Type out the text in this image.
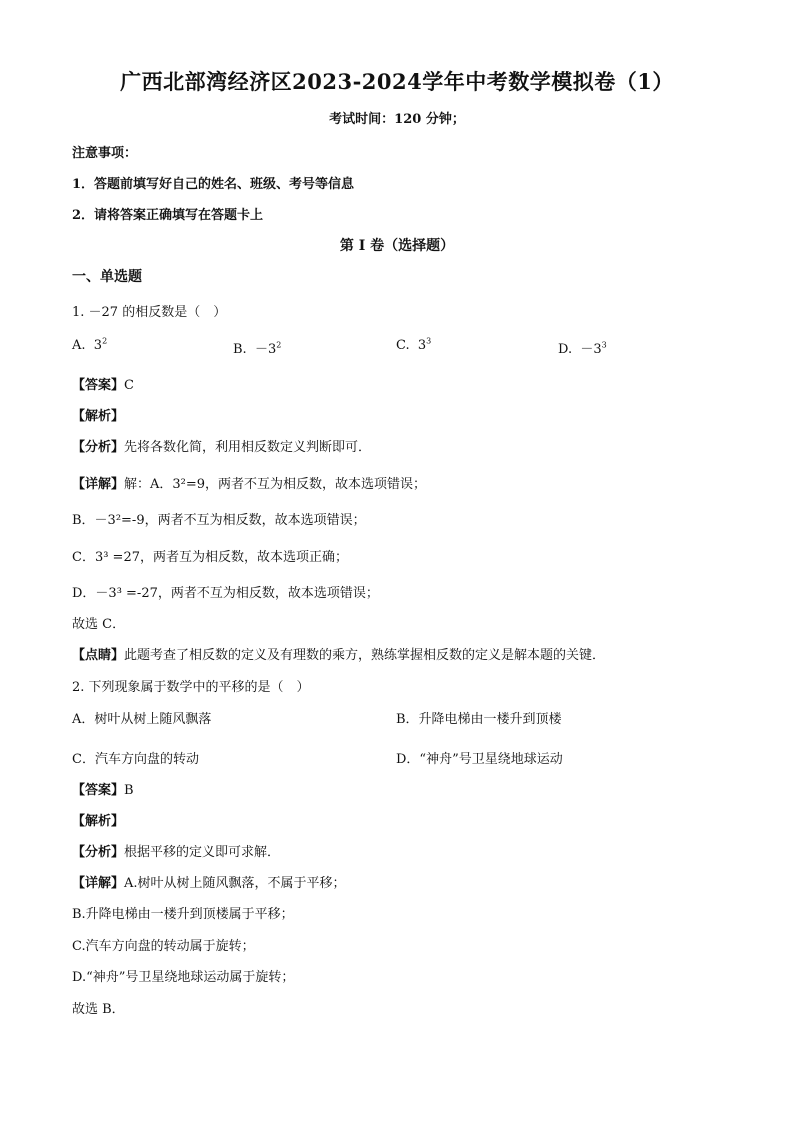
广西北部湾经济区2023-2024学年中考数学模拟卷（1）
考试时间：120 分钟；
注意事项：
1．答题前填写好自己的姓名、班级、考号等信息
2．请将答案正确填写在答题卡上
第 I 卷（选择题）
一、单选题
1. －27 的相反数是（　）
A. $3^2$
B. $-3^2$	C. $3^3$
D. $-3^3$
【答案】C
【解析】
【分析】先将各数化简，利用相反数定义判断即可．
【详解】解：A．3²=9，两者不互为相反数，故本选项错误；
B．－3²=-9，两者不互为相反数，故本选项错误；
C．3³ =27，两者互为相反数，故本选项正确；
D．－3³ =-27，两者不互为相反数，故本选项错误；
故选 C．
【点睛】此题考查了相反数的定义及有理数的乘方，熟练掌握相反数的定义是解本题的关键．
2. 下列现象属于数学中的平移的是（　）
A．树叶从树上随风飘落	B．升降电梯由一楼升到顶楼
C．汽车方向盘的转动	D．“神舟”号卫星绕地球运动
【答案】B
【解析】
【分析】根据平移的定义即可求解．
【详解】A.树叶从树上随风飘落，不属于平移；
B.升降电梯由一楼升到顶楼属于平移；
C.汽车方向盘的转动属于旋转；
D.“神舟”号卫星绕地球运动属于旋转；
故选 B．
